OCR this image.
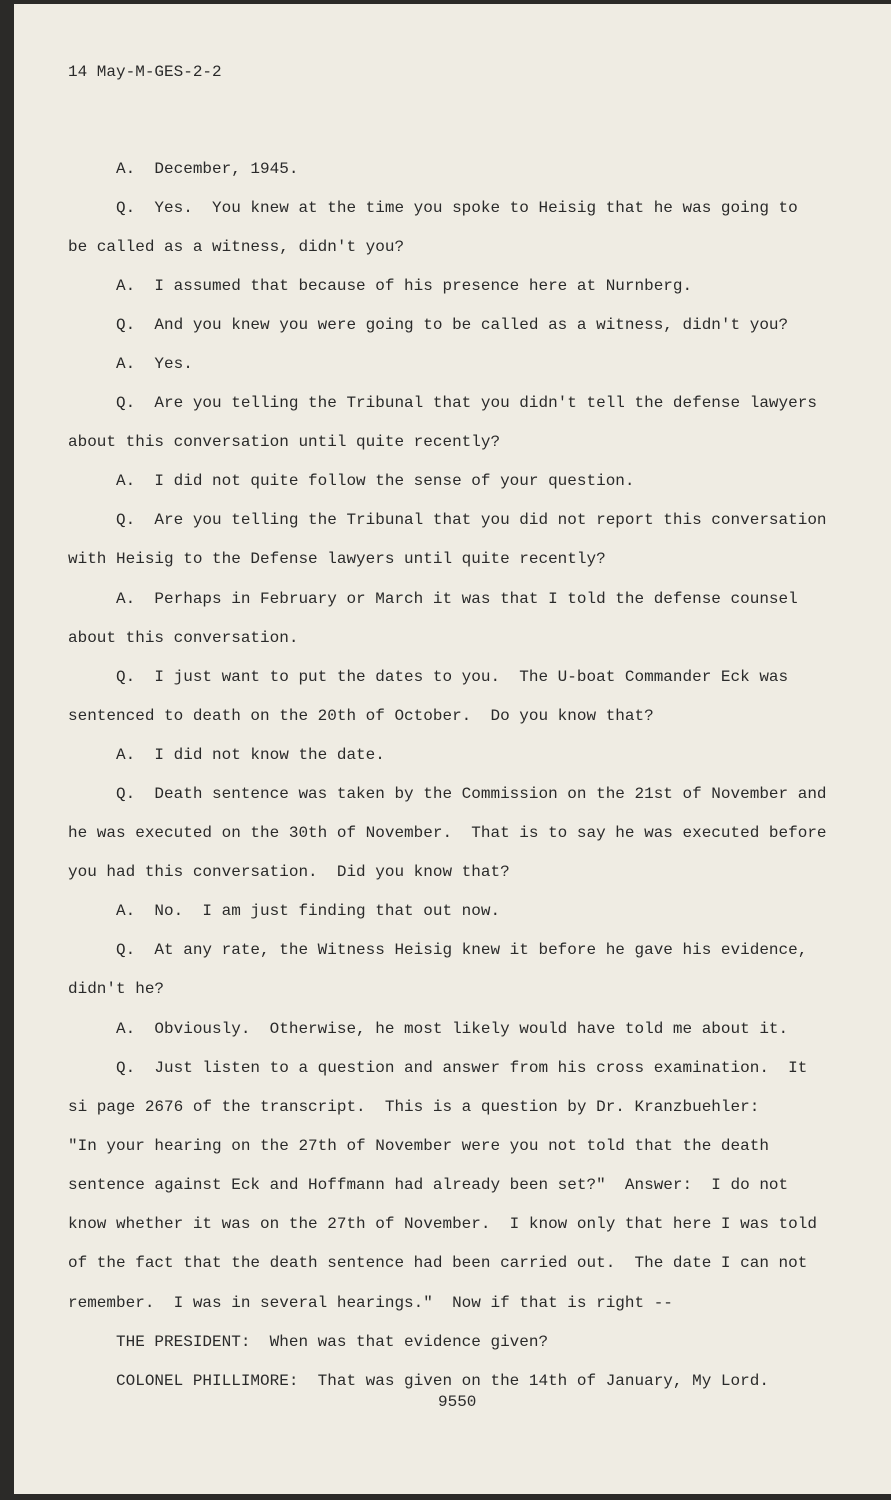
14 May-M-GES-2-2
A.  December, 1945.
Q.  Yes.  You knew at the time you spoke to Heisig that he was going to
be called as a witness, didn't you?
A.  I assumed that because of his presence here at Nurnberg.
Q.  And you knew you were going to be called as a witness, didn't you?
A.  Yes.
Q.  Are you telling the Tribunal that you didn't tell the defense lawyers
about this conversation until quite recently?
A.  I did not quite follow the sense of your question.
Q.  Are you telling the Tribunal that you did not report this conversation
with Heisig to the Defense lawyers until quite recently?
A.  Perhaps in February or March it was that I told the defense counsel
about this conversation.
Q.  I just want to put the dates to you.  The U-boat Commander Eck was
sentenced to death on the 20th of October.  Do you know that?
A.  I did not know the date.
Q.  Death sentence was taken by the Commission on the 21st of November and
he was executed on the 30th of November.  That is to say he was executed before
you had this conversation.  Did you know that?
A.  No.  I am just finding that out now.
Q.  At any rate, the Witness Heisig knew it before he gave his evidence,
didn't he?
A.  Obviously.  Otherwise, he most likely would have told me about it.
Q.  Just listen to a question and answer from his cross examination.  It
si page 2676 of the transcript.  This is a question by Dr. Kranzbuehler:
"In your hearing on the 27th of November were you not told that the death
sentence against Eck and Hoffmann had already been set?"  Answer:  I do not
know whether it was on the 27th of November.  I know only that here I was told
of the fact that the death sentence had been carried out.  The date I can not
remember.  I was in several hearings."  Now if that is right --
THE PRESIDENT:  When was that evidence given?
COLONEL PHILLIMORE:  That was given on the 14th of January, My Lord.
9550
